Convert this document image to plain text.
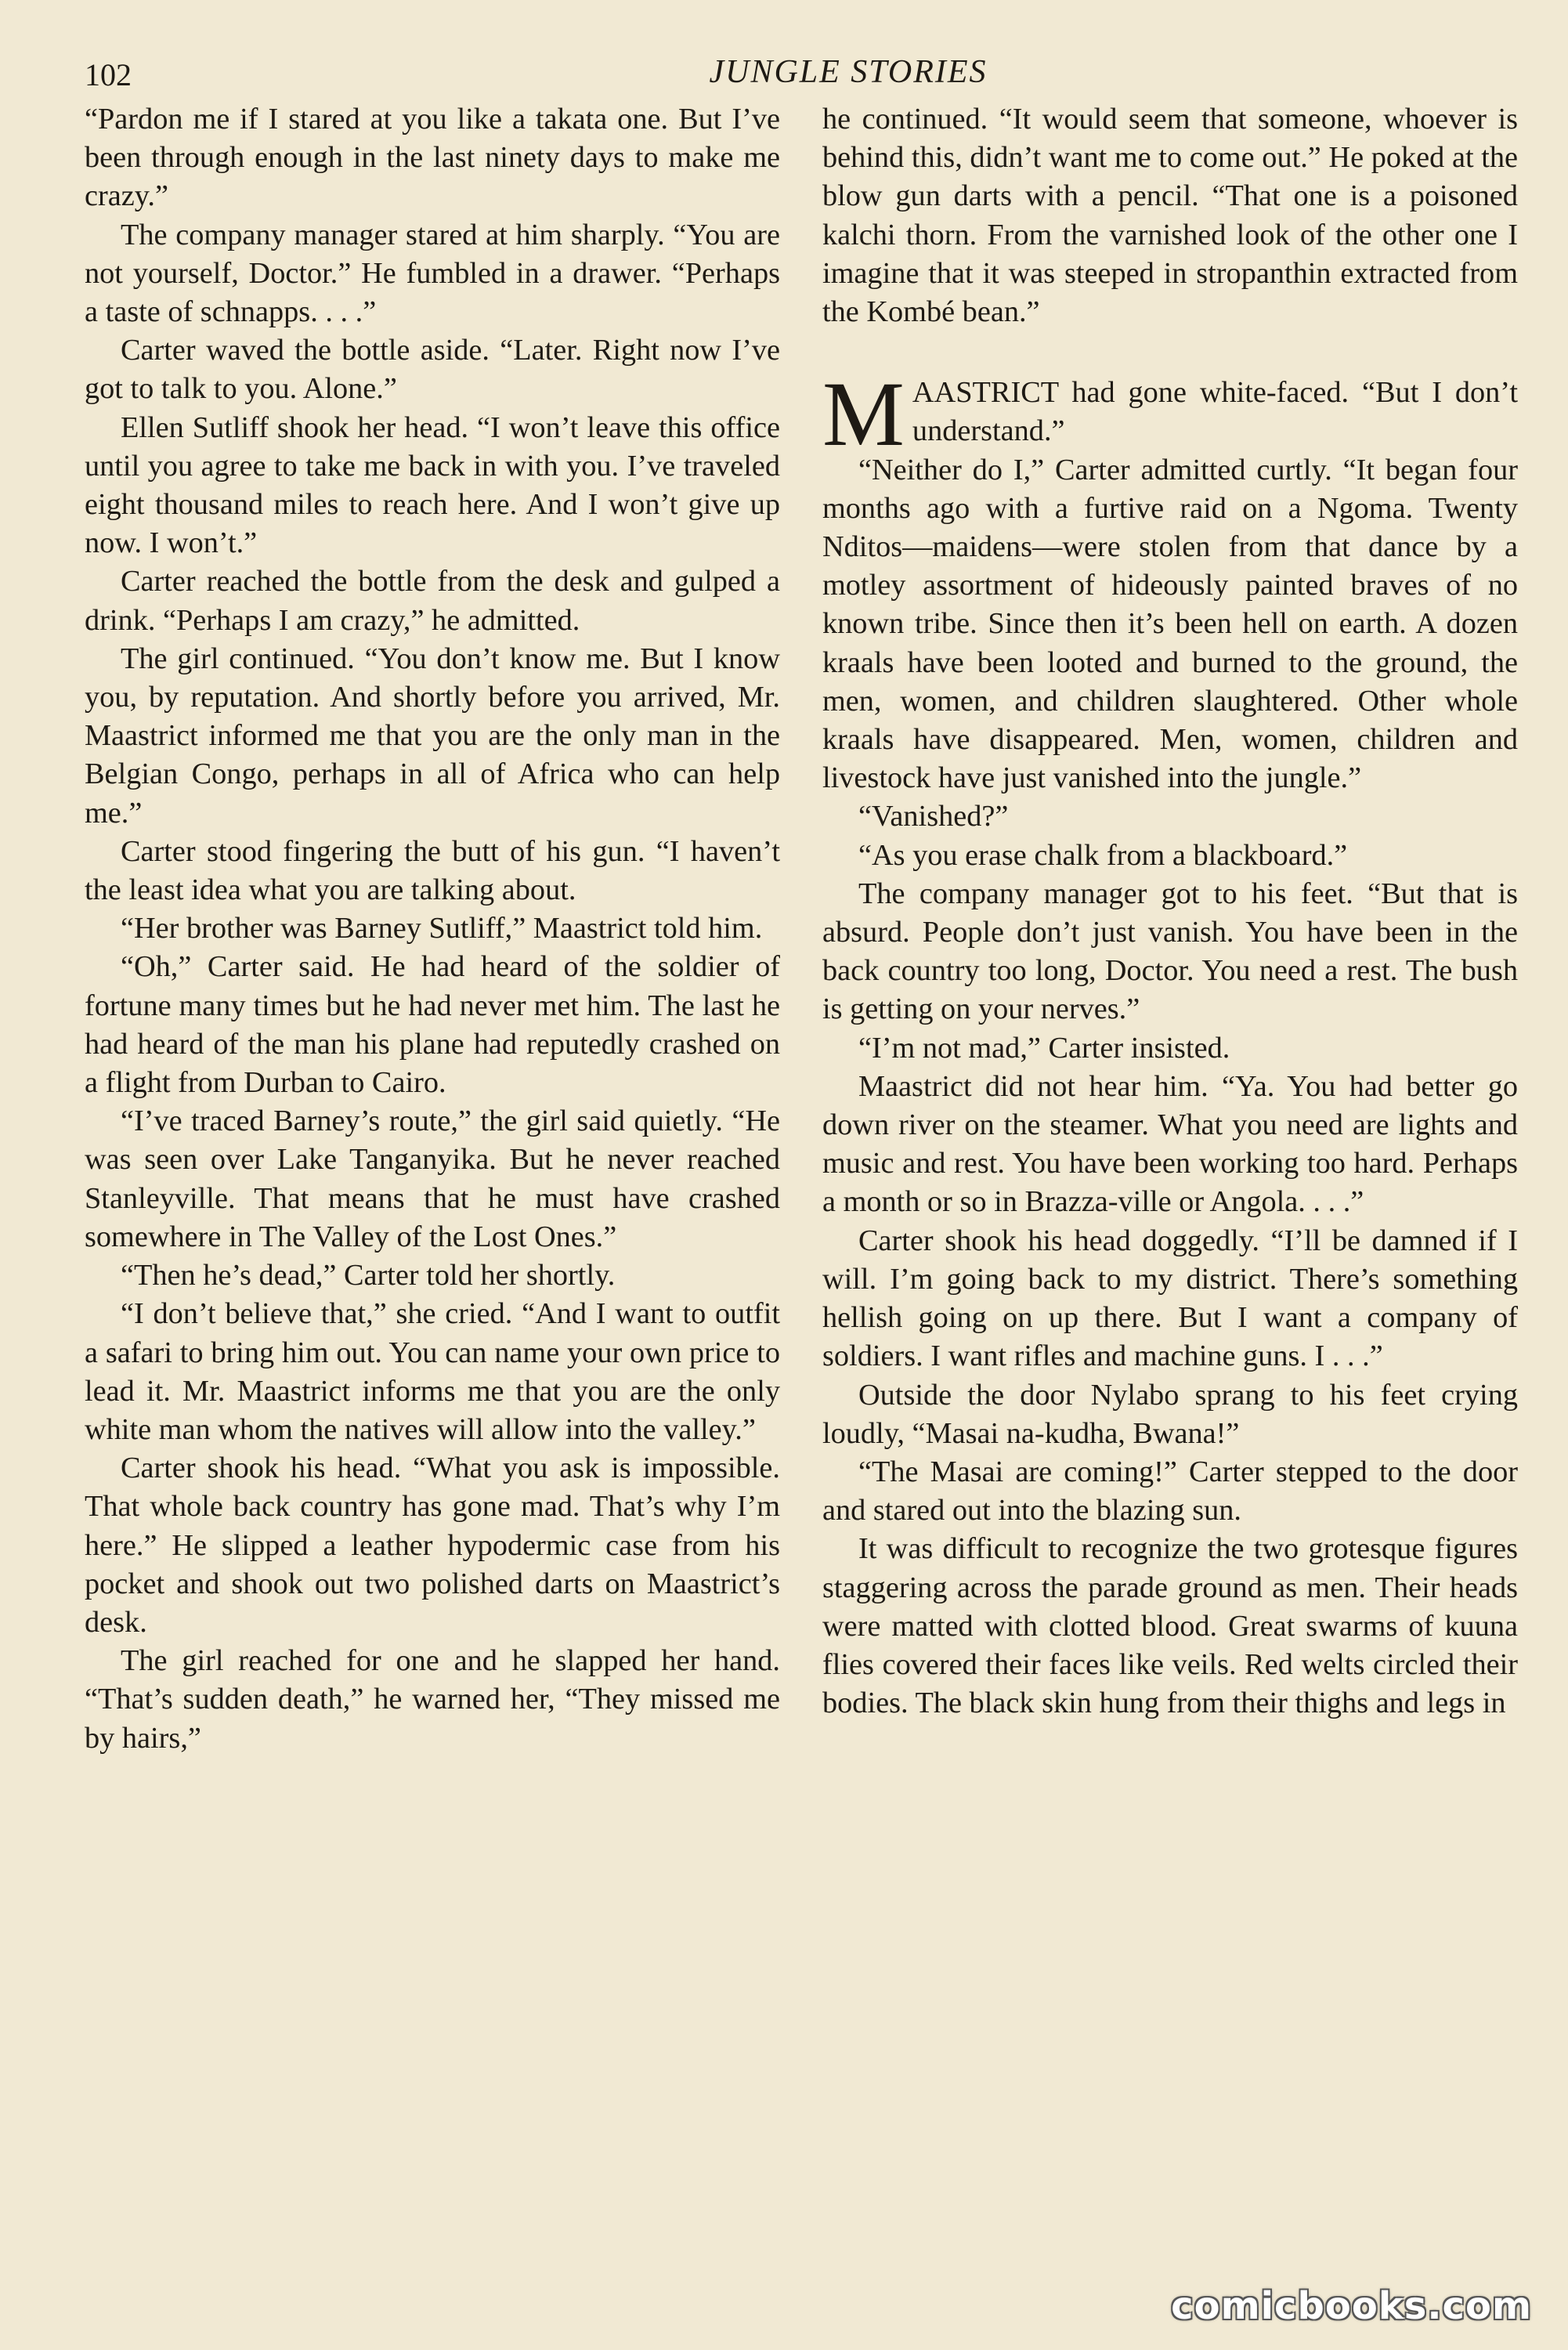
102	JUNGLE STORIES

“Pardon me if I stared at you like a takata one. But I’ve been through enough in the last ninety days to make me crazy.”

The company manager stared at him sharply. “You are not yourself, Doctor.” He fumbled in a drawer. “Perhaps a taste of schnapps. . . .”

Carter waved the bottle aside. “Later. Right now I’ve got to talk to you. Alone.”

Ellen Sutliff shook her head. “I won’t leave this office until you agree to take me back in with you. I’ve traveled eight thousand miles to reach here. And I won’t give up now. I won’t.”

Carter reached the bottle from the desk and gulped a drink. “Perhaps I am crazy,” he admitted.

The girl continued. “You don’t know me. But I know you, by reputation. And shortly before you arrived, Mr. Maastrict informed me that you are the only man in the Belgian Congo, perhaps in all of Africa who can help me.”

Carter stood fingering the butt of his gun. “I haven’t the least idea what you are talking about.

“Her brother was Barney Sutliff,” Maastrict told him.

“Oh,” Carter said. He had heard of the soldier of fortune many times but he had never met him. The last he had heard of the man his plane had reputedly crashed on a flight from Durban to Cairo.

“I’ve traced Barney’s route,” the girl said quietly. “He was seen over Lake Tanganyika. But he never reached Stanleyville. That means that he must have crashed somewhere in The Valley of the Lost Ones.”

“Then he’s dead,” Carter told her shortly.

“I don’t believe that,” she cried. “And I want to outfit a safari to bring him out. You can name your own price to lead it. Mr. Maastrict informs me that you are the only white man whom the natives will allow into the valley.”

Carter shook his head. “What you ask is impossible. That whole back country has gone mad. That’s why I’m here.” He slipped a leather hypodermic case from his pocket and shook out two polished darts on Maastrict’s desk.

The girl reached for one and he slapped her hand. “That’s sudden death,” he warned her, “They missed me by hairs,”

he continued. “It would seem that someone, whoever is behind this, didn’t want me to come out.” He poked at the blow gun darts with a pencil. “That one is a poisoned kalchi thorn. From the varnished look of the other one I imagine that it was steeped in stropanthin extracted from the Kombé bean.”

MAASTRICT had gone white-faced. “But I don’t understand.”

“Neither do I,” Carter admitted curtly. “It began four months ago with a furtive raid on a Ngoma. Twenty Nditos—maidens—were stolen from that dance by a motley assortment of hideously painted braves of no known tribe. Since then it’s been hell on earth. A dozen kraals have been looted and burned to the ground, the men, women, and children slaughtered. Other whole kraals have disappeared. Men, women, children and livestock have just vanished into the jungle.”

“Vanished?”

“As you erase chalk from a blackboard.”

The company manager got to his feet. “But that is absurd. People don’t just vanish. You have been in the back country too long, Doctor. You need a rest. The bush is getting on your nerves.”

“I’m not mad,” Carter insisted.

Maastrict did not hear him. “Ya. You had better go down river on the steamer. What you need are lights and music and rest. You have been working too hard. Perhaps a month or so in Brazza-ville or Angola. . . .”

Carter shook his head doggedly. “I’ll be damned if I will. I’m going back to my district. There’s something hellish going on up there. But I want a company of soldiers. I want rifles and machine guns. I . . .”

Outside the door Nylabo sprang to his feet crying loudly, “Masai na-kudha, Bwana!”

“The Masai are coming!” Carter stepped to the door and stared out into the blazing sun.

It was difficult to recognize the two grotesque figures staggering across the parade ground as men. Their heads were matted with clotted blood. Great swarms of kuuna flies covered their faces like veils. Red welts circled their bodies. The black skin hung from their thighs and legs in

comicbooks.com
